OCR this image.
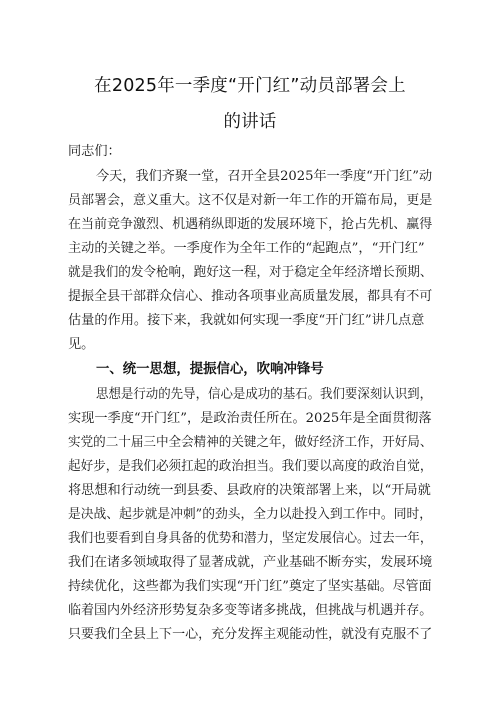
在2025年一季度“开门红”动员部署会上
的讲话
同志们：
今天，我们齐聚一堂，召开全县2025年一季度“开门红”动
员部署会，意义重大。这不仅是对新一年工作的开篇布局，更是
在当前竞争激烈、机遇稍纵即逝的发展环境下，抢占先机、赢得
主动的关键之举。一季度作为全年工作的“起跑点”，“开门红”
就是我们的发令枪响，跑好这一程，对于稳定全年经济增长预期、
提振全县干部群众信心、推动各项事业高质量发展，都具有不可
估量的作用。接下来，我就如何实现一季度“开门红”讲几点意
见。
一、统一思想，提振信心，吹响冲锋号
思想是行动的先导，信心是成功的基石。我们要深刻认识到，
实现一季度“开门红”，是政治责任所在。2025年是全面贯彻落
实党的二十届三中全会精神的关键之年，做好经济工作，开好局、
起好步，是我们必须扛起的政治担当。我们要以高度的政治自觉，
将思想和行动统一到县委、县政府的决策部署上来，以“开局就
是决战、起步就是冲刺”的劲头，全力以赴投入到工作中。同时，
我们也要看到自身具备的优势和潜力，坚定发展信心。过去一年，
我们在诸多领域取得了显著成就，产业基础不断夯实，发展环境
持续优化，这些都为我们实现“开门红”奠定了坚实基础。尽管面
临着国内外经济形势复杂多变等诸多挑战，但挑战与机遇并存。
只要我们全县上下一心，充分发挥主观能动性，就没有克服不了
